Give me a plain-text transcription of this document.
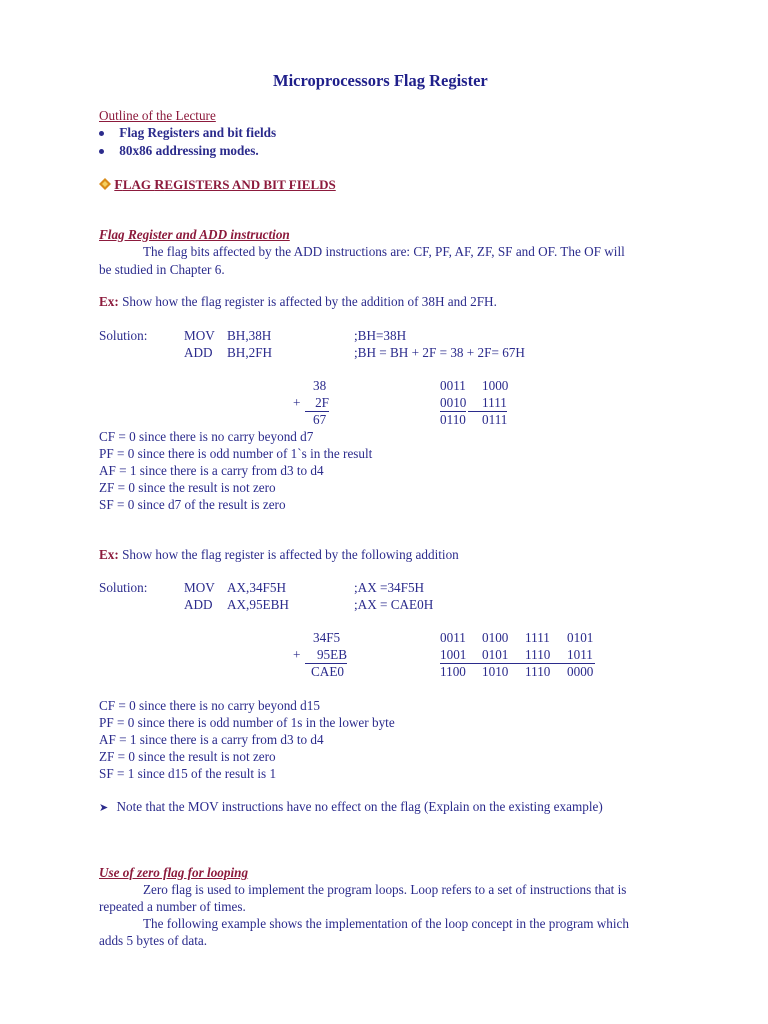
Microprocessors Flag Register
Outline of the Lecture
Flag Registers and bit fields
80x86 addressing modes.
FLAG REGISTERS AND BIT FIELDS
Flag Register and ADD instruction
The flag bits affected by the ADD instructions are: CF, PF, AF, ZF, SF and OF. The OF will
be studied in Chapter 6.
Ex: Show how the flag register is affected by the addition of 38H and 2FH.
Solution:	MOV BH,38H	;BH=38H
ADD BH,2FH	;BH = BH + 2F = 38 + 2F= 67H
38
+	2F
67
0011 1000
0010 1111
0110 0111
CF = 0 since there is no carry beyond d7
PF = 0 since there is odd number of 1`s in the result
AF = 1 since there is a carry from d3 to d4
ZF = 0 since the result is not zero
SF = 0 since d7 of the result is zero
Ex: Show how the flag register is affected by the following addition
Solution:	MOV AX,34F5H	;AX =34F5H
ADD AX,95EBH	;AX = CAE0H
34F5
+	95EB
CAE0
0011 0100 1111 0101
1001 0101 1110 1011
1100 1010 1110 0000
CF = 0 since there is no carry beyond d15
PF = 0 since there is odd number of 1s in the lower byte
AF = 1 since there is a carry from d3 to d4
ZF = 0 since the result is not zero
SF = 1 since d15 of the result is 1
➤ Note that the MOV instructions have no effect on the flag (Explain on the existing example)
Use of zero flag for looping
Zero flag is used to implement the program loops. Loop refers to a set of instructions that is
repeated a number of times.
The following example shows the implementation of the loop concept in the program which
adds 5 bytes of data.
